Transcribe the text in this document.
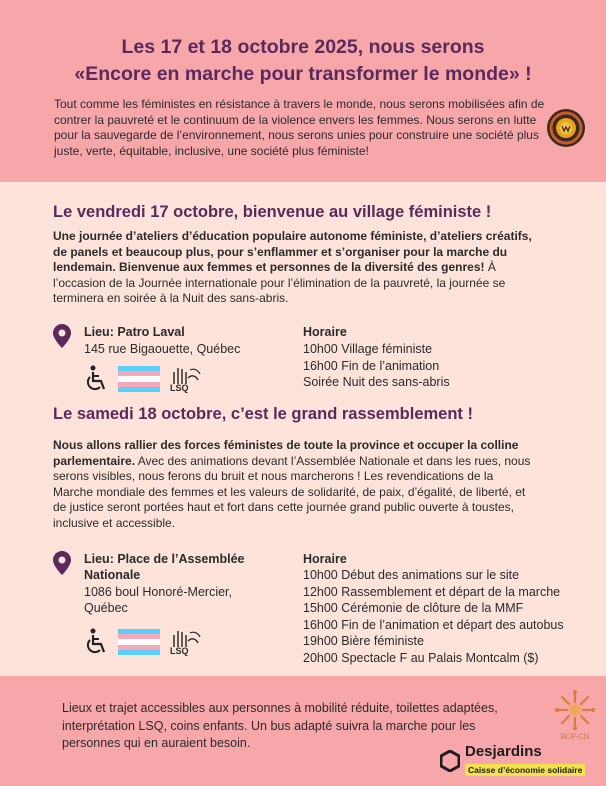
Les 17 et 18 octobre 2025, nous serons
«Encore en marche pour transformer le monde» !
Tout comme les féministes en résistance à travers le monde, nous serons mobilisées afin de contrer la pauvreté et le continuum de la violence envers les femmes. Nous serons en lutte pour la sauvegarde de l’environnement, nous serons unies pour construire une société plus juste, verte, équitable, inclusive, une société plus féministe!
Le vendredi 17 octobre, bienvenue au village féministe !
Une journée d’ateliers d’éducation populaire autonome féministe, d’ateliers créatifs, de panels et beaucoup plus, pour s’enflammer et s’organiser pour la marche du lendemain. Bienvenue aux femmes et personnes de la diversité des genres! À l’occasion de la Journée internationale pour l’élimination de la pauvreté, la journée se terminera en soirée à la Nuit des sans-abris.
Lieu: Patro Laval
145 rue Bigaouette, Québec
LSQ
Horaire
10h00 Village féministe
16h00 Fin de l’animation
Soirée Nuit des sans-abris
Le samedi 18 octobre, c’est le grand rassemblement !
Nous allons rallier des forces féministes de toute la province et occuper la colline parlementaire. Avec des animations devant l’Assemblée Nationale et dans les rues, nous serons visibles, nous ferons du bruit et nous marcherons ! Les revendications de la Marche mondiale des femmes et les valeurs de solidarité, de paix, d’égalité, de liberté, et de justice seront portées haut et fort dans cette journée grand public ouverte à toustes, inclusive et accessible.
Lieu: Place de l’Assemblée
Nationale
1086 boul Honoré-Mercier,
Québec
LSQ
Horaire
10h00 Début des animations sur le site
12h00 Rassemblement et départ de la marche
15h00 Cérémonie de clôture de la MMF
16h00 Fin de l’animation et départ des autobus
19h00 Bière féministe
20h00 Spectacle F au Palais Montcalm ($)
Lieux et trajet accessibles aux personnes à mobilité réduite, toilettes adaptées, interprétation LSQ, coins enfants. Un bus adapté suivra la marche pour les personnes qui en auraient besoin.	RGF-CN
Desjardins
Caisse d’économie solidaire
